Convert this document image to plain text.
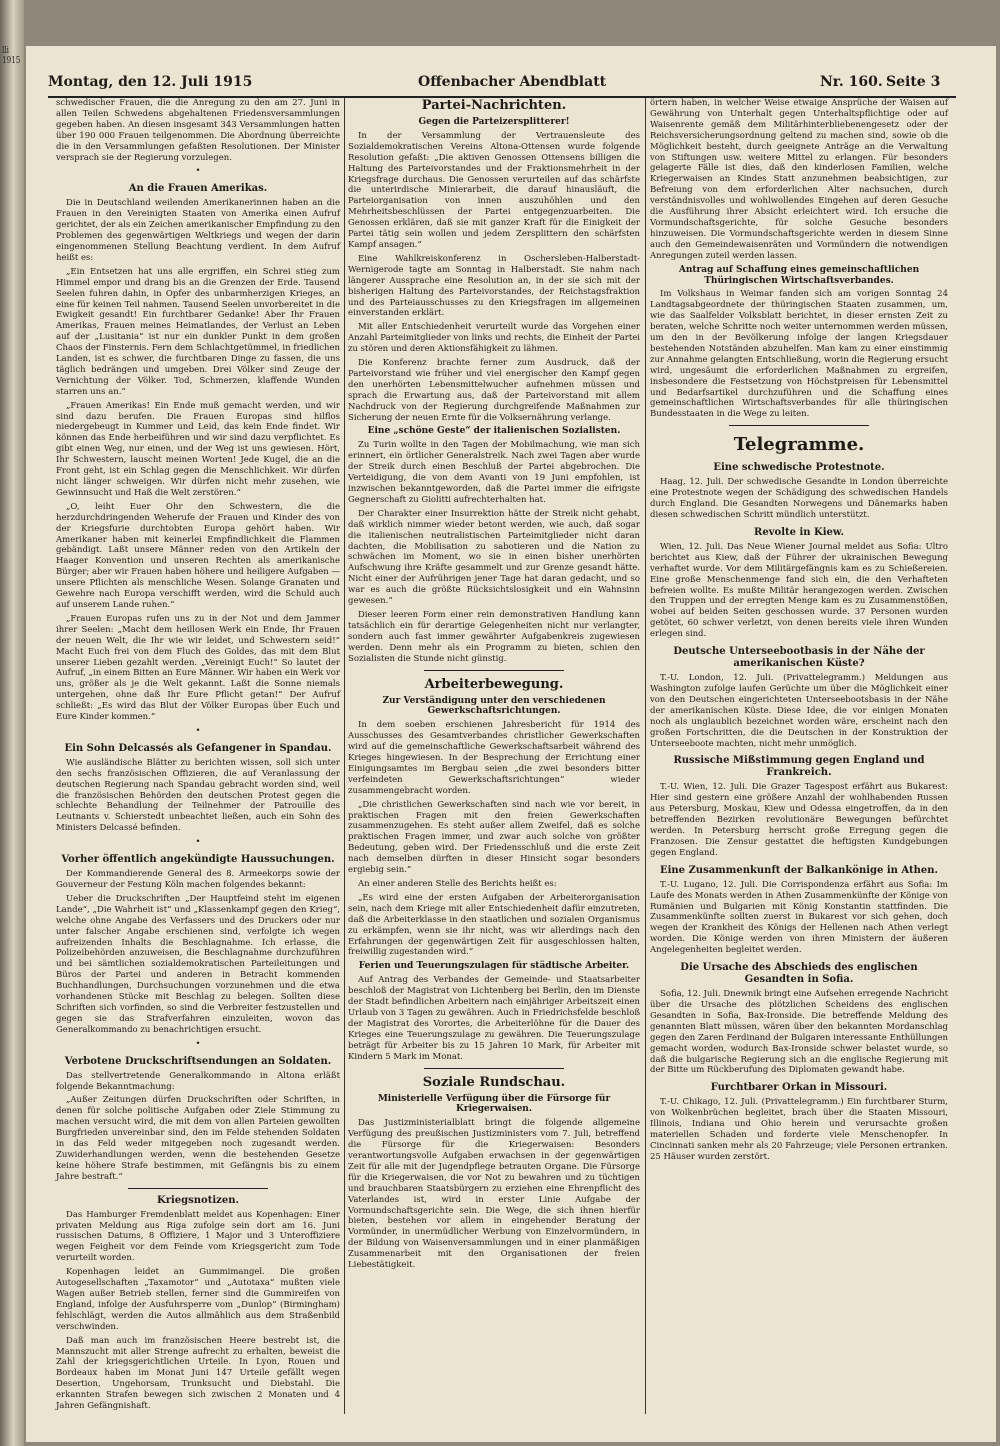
lli 1915
Montag, den 12. Juli 1915	Offenbacher Abendblatt	Nr. 160. Seite 3

schwedischer Frauen, die die Anregung zu den am 27. Juni in allen Teilen Schwedens abgehaltenen Friedensversammlungen gegeben haben. An diesen insgesamt 343 Versammlungen hatten über 190 000 Frauen teilgenommen. Die Abordnung überreichte die in den Versammlungen gefaßten Resolutionen. Der Minister versprach sie der Regierung vorzulegen.

•
An die Frauen Amerikas.

Die in Deutschland weilenden Amerikanerinnen haben an die Frauen in den Vereinigten Staaten von Amerika einen Aufruf gerichtet, der als ein Zeichen amerikanischer Empfindung zu den Problemen des gegenwärtigen Weltkriegs und wegen der darin eingenommenen Stellung Beachtung verdient. In dem Aufruf heißt es:

„Ein Entsetzen hat uns alle ergriffen, ein Schrei stieg zum Himmel empor und drang bis an die Grenzen der Erde. Tausend Seelen fuhren dahin, in Opfer des unbarmherzigen Krieges, an eine für keinen Teil nahmen. Tausend Seelen unvorbereitet in die Ewigkeit gesandt! Ein furchtbarer Gedanke! Aber Ihr Frauen Amerikas, Frauen meines Heimatlandes, der Verlust an Leben auf der „Lusitania“ ist nur ein dunkler Punkt in dem großen Chaos der Finsternis. Fern dem Schlachtgetümmel, in friedlichen Landen, ist es schwer, die furchtbaren Dinge zu fassen, die uns täglich bedrängen und umgeben. Drei Völker sind Zeuge der Vernichtung der Völker. Tod, Schmerzen, klaffende Wunden starren uns an.“

„Frauen Amerikas! Ein Ende muß gemacht werden, und wir sind dazu berufen. Die Frauen Europas sind hilflos niedergebeugt in Kummer und Leid, das kein Ende findet. Wir können das Ende herbeiführen und wir sind dazu verpflichtet. Es gibt einen Weg, nur einen, und der Weg ist uns gewiesen. Hört, Ihr Schwestern, lauscht meinen Worten! Jede Kugel, die an die Front geht, ist ein Schlag gegen die Menschlichkeit. Wir dürfen nicht länger schweigen. Wir dürfen nicht mehr zusehen, wie Gewinnsucht und Haß die Welt zerstören.“

„O, leiht Euer Ohr den Schwestern, die die herzdurchdringenden Weherufe der Frauen und Kinder des von der Kriegsfurie durchtobten Europa gehört haben. Wir Amerikaner haben mit keinerlei Empfindlichkeit die Flammen gebändigt. Laßt unsere Männer reden von den Artikeln der Haager Konvention und unseren Rechten als amerikanische Bürger; aber wir Frauen haben höhere und heiligere Aufgaben — unsere Pflichten als menschliche Wesen. Solange Granaten und Gewehre nach Europa verschifft werden, wird die Schuld auch auf unserem Lande ruhen.“

„Frauen Europas rufen uns zu in der Not und dem Jammer ihrer Seelen: „Macht dem heillosen Werk ein Ende, Ihr Frauen der neuen Welt, die Ihr wie wir leidet, und Schwestern seid!“ Macht Euch frei von dem Fluch des Goldes, das mit dem Blut unserer Lieben gezahlt werden. „Vereinigt Euch!“ So lautet der Aufruf, „in einem Bitten an Eure Männer. Wir haben ein Werk vor uns, größer als je die Welt gekannt. Laßt die Sonne niemals untergehen, ohne daß Ihr Eure Pflicht getan!“ Der Aufruf schließt: „Es wird das Blut der Völker Europas über Euch und Eure Kinder kommen.“

•
Ein Sohn Delcassés als Gefangener in Spandau.

Wie ausländische Blätter zu berichten wissen, soll sich unter den sechs französischen Offizieren, die auf Veranlassung der deutschen Regierung nach Spandau gebracht worden sind, weil die französischen Behörden den deutschen Protest gegen die schlechte Behandlung der Teilnehmer der Patrouille des Leutnants v. Schierstedt unbeachtet ließen, auch ein Sohn des Ministers Delcassé befinden.

•
Vorher öffentlich angekündigte Haussuchungen.

Der Kommandierende General des 8. Armeekorps sowie der Gouverneur der Festung Köln machen folgendes bekannt:

Ueber die Druckschriften „Der Hauptfeind steht im eigenen Lande“, „Die Wahrheit ist“ und „Klassenkampf gegen den Krieg“, welche ohne Angabe des Verfassers und des Druckers oder nur unter falscher Angabe erschienen sind, verfolgte ich wegen aufreizenden Inhalts die Beschlagnahme. Ich erlasse, die Polizeibehörden anzuweisen, die Beschlagnahme durchzuführen und bei sämtlichen sozialdemokratischen Parteileitungen und Büros der Partei und anderen in Betracht kommenden Buchhandlungen, Durchsuchungen vorzunehmen und die etwa vorhandenen Stücke mit Beschlag zu belegen. Sollten diese Schriften sich vorfinden, so sind die Verbreiter festzustellen und gegen sie das Strafverfahren einzuleiten, wovon das Generalkommando zu benachrichtigen ersucht.

•
Verbotene Druckschriftsendungen an Soldaten.

Das stellvertretende Generalkommando in Altona erläßt folgende Bekanntmachung:

„Außer Zeitungen dürfen Druckschriften oder Schriften, in denen für solche politische Aufgaben oder Ziele Stimmung zu machen versucht wird, die mit dem von allen Parteien gewollten Burgfrieden unvereinbar sind, den im Felde stehenden Soldaten in das Feld weder mitgegeben noch zugesandt werden. Zuwiderhandlungen werden, wenn die bestehenden Gesetze keine höhere Strafe bestimmen, mit Gefängnis bis zu einem Jahre bestraft.“

Kriegsnotizen.

Das Hamburger Fremdenblatt meldet aus Kopenhagen: Einer privaten Meldung aus Riga zufolge sein dort am 16. Juni russischen Datums, 8 Offiziere, 1 Major und 3 Unteroffiziere wegen Feigheit vor dem Feinde vom Kriegsgericht zum Tode verurteilt worden.

Kopenhagen leidet an Gummimangel. Die großen Autogesellschaften „Taxamotor“ und „Autotaxa“ mußten viele Wagen außer Betrieb stellen, ferner sind die Gummireifen von England, infolge der Ausfuhrsperre vom „Dunlop“ (Birmingham) fehlschlägt, werden die Autos allmählich aus dem Straßenbild verschwinden.

Daß man auch im französischen Heere bestrebt ist, die Mannszucht mit aller Strenge aufrecht zu erhalten, beweist die Zahl der kriegsgerichtlichen Urteile. In Lyon, Rouen und Bordeaux haben im Monat Juni 147 Urteile gefällt wegen Desertion, Ungehorsam, Trunksucht und Diebstahl. Die erkannten Strafen bewegen sich zwischen 2 Monaten und 4 Jahren Gefängnishaft.

Partei-Nachrichten.
Gegen die Parteizersplitterer!

In der Versammlung der Vertrauensleute des Sozialdemokratischen Vereins Altona-Ottensen wurde folgende Resolution gefaßt: „Die aktiven Genossen Ottensens billigen die Haltung des Parteivorstandes und der Fraktionsmehrheit in der Kriegsfrage durchaus. Die Genossen verurteilen auf das schärfste die unterirdische Minierarbeit, die darauf hinausläuft, die Parteiorganisation von innen auszuhöhlen und den Mehrheitsbeschlüssen der Partei entgegenzuarbeiten. Die Genossen erklären, daß sie mit ganzer Kraft für die Einigkeit der Partei tätig sein wollen und jedem Zersplittern den schärfsten Kampf ansagen.“

Eine Wahlkreiskonferenz in Oschersleben-Halberstadt-Wernigerode tagte am Sonntag in Halberstadt. Sie nahm nach längerer Aussprache eine Resolution an, in der sie sich mit der bisherigen Haltung des Parteivorstandes, der Reichstagsfraktion und des Parteiausschusses zu den Kriegsfragen im allgemeinen einverstanden erklärt.

Mit aller Entschiedenheit verurteilt wurde das Vorgehen einer Anzahl Parteimitglieder von links und rechts, die Einheit der Partei zu stören und deren Aktionsfähigkeit zu lähmen.

Die Konferenz brachte ferner zum Ausdruck, daß der Parteivorstand wie früher und viel energischer den Kampf gegen den unerhörten Lebensmittelwucher aufnehmen müssen und sprach die Erwartung aus, daß der Parteivorstand mit allem Nachdruck von der Regierung durchgreifende Maßnahmen zur Sicherung der neuen Ernte für die Volksernährung verlange.

Eine „schöne Geste“ der italienischen Sozialisten.

Zu Turin wollte in den Tagen der Mobilmachung, wie man sich erinnert, ein örtlicher Generalstreik. Nach zwei Tagen aber wurde der Streik durch einen Beschluß der Partei abgebrochen. Die Verteidigung, die von dem Avanti von 19 Juni empfohlen, ist inzwischen bekanntgeworden, daß die Partei immer die eifrigste Gegnerschaft zu Giolitti aufrechterhalten hat.

Der Charakter einer Insurrektion hätte der Streik nicht gehabt, daß wirklich nimmer wieder betont werden, wie auch, daß sogar die italienischen neutralistischen Parteimitglieder nicht daran dachten, die Mobilisation zu sabotieren und die Nation zu schwächen im Moment, wo sie in einen bisher unerhörten Aufschwung ihre Kräfte gesammelt und zur Grenze gesandt hätte. Nicht einer der Aufrührigen jener Tage hat daran gedacht, und so war es auch die größte Rücksichtslosigkeit und ein Wahnsinn gewesen.“

Dieser leeren Form einer rein demonstrativen Handlung kann tatsächlich ein für derartige Gelegenheiten nicht nur verlangter, sondern auch fast immer gewährter Aufgabenkreis zugewiesen werden. Denn mehr als ein Programm zu bieten, schien den Sozialisten die Stunde nicht günstig.

Arbeiterbewegung.
Zur Verständigung unter den verschiedenen Gewerkschaftsrichtungen.

In dem soeben erschienen Jahresbericht für 1914 des Ausschusses des Gesamtverbandes christlicher Gewerkschaften wird auf die gemeinschaftliche Gewerkschaftsarbeit während des Krieges hingewiesen. In der Besprechung der Errichtung einer Einigungsamtes im Bergbau seien „die zwei besonders bitter verfeindeten Gewerkschaftsrichtungen“ wieder zusammengebracht worden.

„Die christlichen Gewerkschaften sind nach wie vor bereit, in praktischen Fragen mit den freien Gewerkschaften zusammenzugehen. Es steht außer allem Zweifel, daß es solche praktischen Fragen immer, und zwar auch solche von größter Bedeutung, geben wird. Der Friedensschluß und die erste Zeit nach demselben dürften in dieser Hinsicht sogar besonders ergiebig sein.“

An einer anderen Stelle des Berichts heißt es:

„Es wird eine der ersten Aufgaben der Arbeiterorganisation sein, nach dem Kriege mit aller Entschiedenheit dafür einzutreten, daß die Arbeiterklasse in den staatlichen und sozialen Organismus zu erkämpfen, wenn sie ihr nicht, was wir allerdings nach den Erfahrungen der gegenwärtigen Zeit für ausgeschlossen halten, freiwillig zugestanden wird.“

Ferien und Teuerungszulagen für städtische Arbeiter.

Auf Antrag des Verbandes der Gemeinde- und Staatsarbeiter beschloß der Magistrat von Lichtenberg bei Berlin, den im Dienste der Stadt befindlichen Arbeitern nach einjähriger Arbeitszeit einen Urlaub von 3 Tagen zu gewähren. Auch in Friedrichsfelde beschloß der Magistrat des Vorortes, die Arbeiterlöhne für die Dauer des Krieges eine Teuerungszulage zu gewähren. Die Teuerungszulage beträgt für Arbeiter bis zu 15 Jahren 10 Mark, für Arbeiter mit Kindern 5 Mark im Monat.

Soziale Rundschau.
Ministerielle Verfügung über die Fürsorge für Kriegerwaisen.

Das Justizministerialblatt bringt die folgende allgemeine Verfügung des preußischen Justizministers vom 7. Juli, betreffend die Fürsorge für die Kriegerwaisen: Besonders verantwortungsvolle Aufgaben erwachsen in der gegenwärtigen Zeit für alle mit der Jugendpflege betrauten Organe. Die Fürsorge für die Kriegerwaisen, die vor Not zu bewahren und zu tüchtigen und brauchbaren Staatsbürgern zu erziehen eine Ehrenpflicht des Vaterlandes ist, wird in erster Linie Aufgabe der Vormundschaftsgerichte sein. Die Wege, die sich ihnen hierfür bieten, bestehen vor allem in eingehender Beratung der Vormünder, in unermüdlicher Werbung von Einzelvormündern, in der Bildung von Waisenversammlungen und in einer planmäßigen Zusammenarbeit mit den Organisationen der freien Liebestätigkeit.

örtern haben, in welcher Weise etwaige Ansprüche der Waisen auf Gewährung von Unterhalt gegen Unterhaltspflichtige oder auf Waisenrente gemäß dem Militärhinterbliebenengesetz oder der Reichsversicherungsordnung geltend zu machen sind, sowie ob die Möglichkeit besteht, durch geeignete Anträge an die Verwaltung von Stiftungen usw. weitere Mittel zu erlangen. Für besonders gelagerte Fälle ist dies, daß den kinderlosen Familien, welche Kriegerwaisen an Kindes Statt anzunehmen beabsichtigen, zur Befreiung von dem erforderlichen Alter nachsuchen, durch verständnisvolles und wohlwollendes Eingehen auf deren Gesuche die Ausführung ihrer Absicht erleichtert wird. Ich ersuche die Vormundschaftsgerichte, für solche Gesuche besonders hinzuweisen. Die Vormundschaftsgerichte werden in diesem Sinne auch den Gemeindewaisenräten und Vormündern die notwendigen Anregungen zuteil werden lassen.

Antrag auf Schaffung eines gemeinschaftlichen Thüringischen Wirtschaftsverbandes.

Im Volkshaus in Weimar fanden sich am vorigen Sonntag 24 Landtagsabgeordnete der thüringischen Staaten zusammen, um, wie das Saalfelder Volksblatt berichtet, in dieser ernsten Zeit zu beraten, welche Schritte noch weiter unternommen werden müssen, um den in der Bevölkerung infolge der langen Kriegsdauer bestehenden Notständen abzuhelfen. Man kam zu einer einstimmig zur Annahme gelangten Entschließung, worin die Regierung ersucht wird, ungesäumt die erforderlichen Maßnahmen zu ergreifen, insbesondere die Festsetzung von Höchstpreisen für Lebensmittel und Bedarfsartikel durchzuführen und die Schaffung eines gemeinschaftlichen Wirtschaftsverbandes für alle thüringischen Bundesstaaten in die Wege zu leiten.

Telegramme.
Eine schwedische Protestnote.

Haag, 12. Juli. Der schwedische Gesandte in London überreichte eine Protestnote wegen der Schädigung des schwedischen Handels durch England. Die Gesandten Norwegens und Dänemarks haben diesen schwedischen Schritt mündlich unterstützt.

Revolte in Kiew.

Wien, 12. Juli. Das Neue Wiener Journal meldet aus Sofia: Ultro berichtet aus Kiew, daß der Führer der ukrainischen Bewegung verhaftet wurde. Vor dem Militärgefängnis kam es zu Schießereien. Eine große Menschenmenge fand sich ein, die den Verhafteten befreien wollte. Es mußte Militär herangezogen werden. Zwischen den Truppen und der erregten Menge kam es zu Zusammenstößen, wobei auf beiden Seiten geschossen wurde. 37 Personen wurden getötet, 60 schwer verletzt, von denen bereits viele ihren Wunden erlegen sind.

Deutsche Unterseebootbasis in der Nähe der amerikanischen Küste?

T.-U. London, 12. Juli. (Privattelegramm.) Meldungen aus Washington zufolge laufen Gerüchte um über die Möglichkeit einer von den Deutschen eingerichteten Unterseebootsbasis in der Nähe der amerikanischen Küste. Diese Idee, die vor einigen Monaten noch als unglaublich bezeichnet worden wäre, erscheint nach den großen Fortschritten, die die Deutschen in der Konstruktion der Unterseeboote machten, nicht mehr unmöglich.

Russische Mißstimmung gegen England und Frankreich.

T.-U. Wien, 12. Juli. Die Grazer Tagespost erfährt aus Bukarest: Hier sind gestern eine größere Anzahl der wohlhabenden Russen aus Petersburg, Moskau, Kiew und Odessa eingetroffen, da in den betreffenden Bezirken revolutionäre Bewegungen befürchtet werden. In Petersburg herrscht große Erregung gegen die Franzosen. Die Zensur gestattet die heftigsten Kundgebungen gegen England.

Eine Zusammenkunft der Balkankönige in Athen.

T.-U. Lugano, 12. Juli. Die Corrispondenza erfährt aus Sofia: Im Laufe des Monats werden in Athen Zusammenkünfte der Könige von Rumänien und Bulgarien mit König Konstantin stattfinden. Die Zusammenkünfte sollten zuerst in Bukarest vor sich gehen, doch wegen der Krankheit des Königs der Hellenen nach Athen verlegt worden. Die Könige werden von ihren Ministern der äußeren Angelegenheiten begleitet werden.

Die Ursache des Abschieds des englischen Gesandten in Sofia.

Sofia, 12. Juli. Dnewnik bringt eine Aufsehen erregende Nachricht über die Ursache des plötzlichen Scheidens des englischen Gesandten in Sofia, Bax-Ironside. Die betreffende Meldung des genannten Blatt müssen, wären über den bekannten Mordanschlag gegen den Zaren Ferdinand der Bulgaren interessante Enthüllungen gemacht worden, wodurch Bax-Ironside schwer belastet wurde, so daß die bulgarische Regierung sich an die englische Regierung mit der Bitte um Rückberufung des Diplomaten gewandt habe.

Furchtbarer Orkan in Missouri.

T.-U. Chikago, 12. Juli. (Privattelegramm.) Ein furchtbarer Sturm, von Wolkenbrüchen begleitet, brach über die Staaten Missouri, Illinois, Indiana und Ohio herein und verursachte großen materiellen Schaden und forderte viele Menschenopfer. In Cincinnati sanken mehr als 20 Fahrzeuge; viele Personen ertranken. 25 Häuser wurden zerstört.
